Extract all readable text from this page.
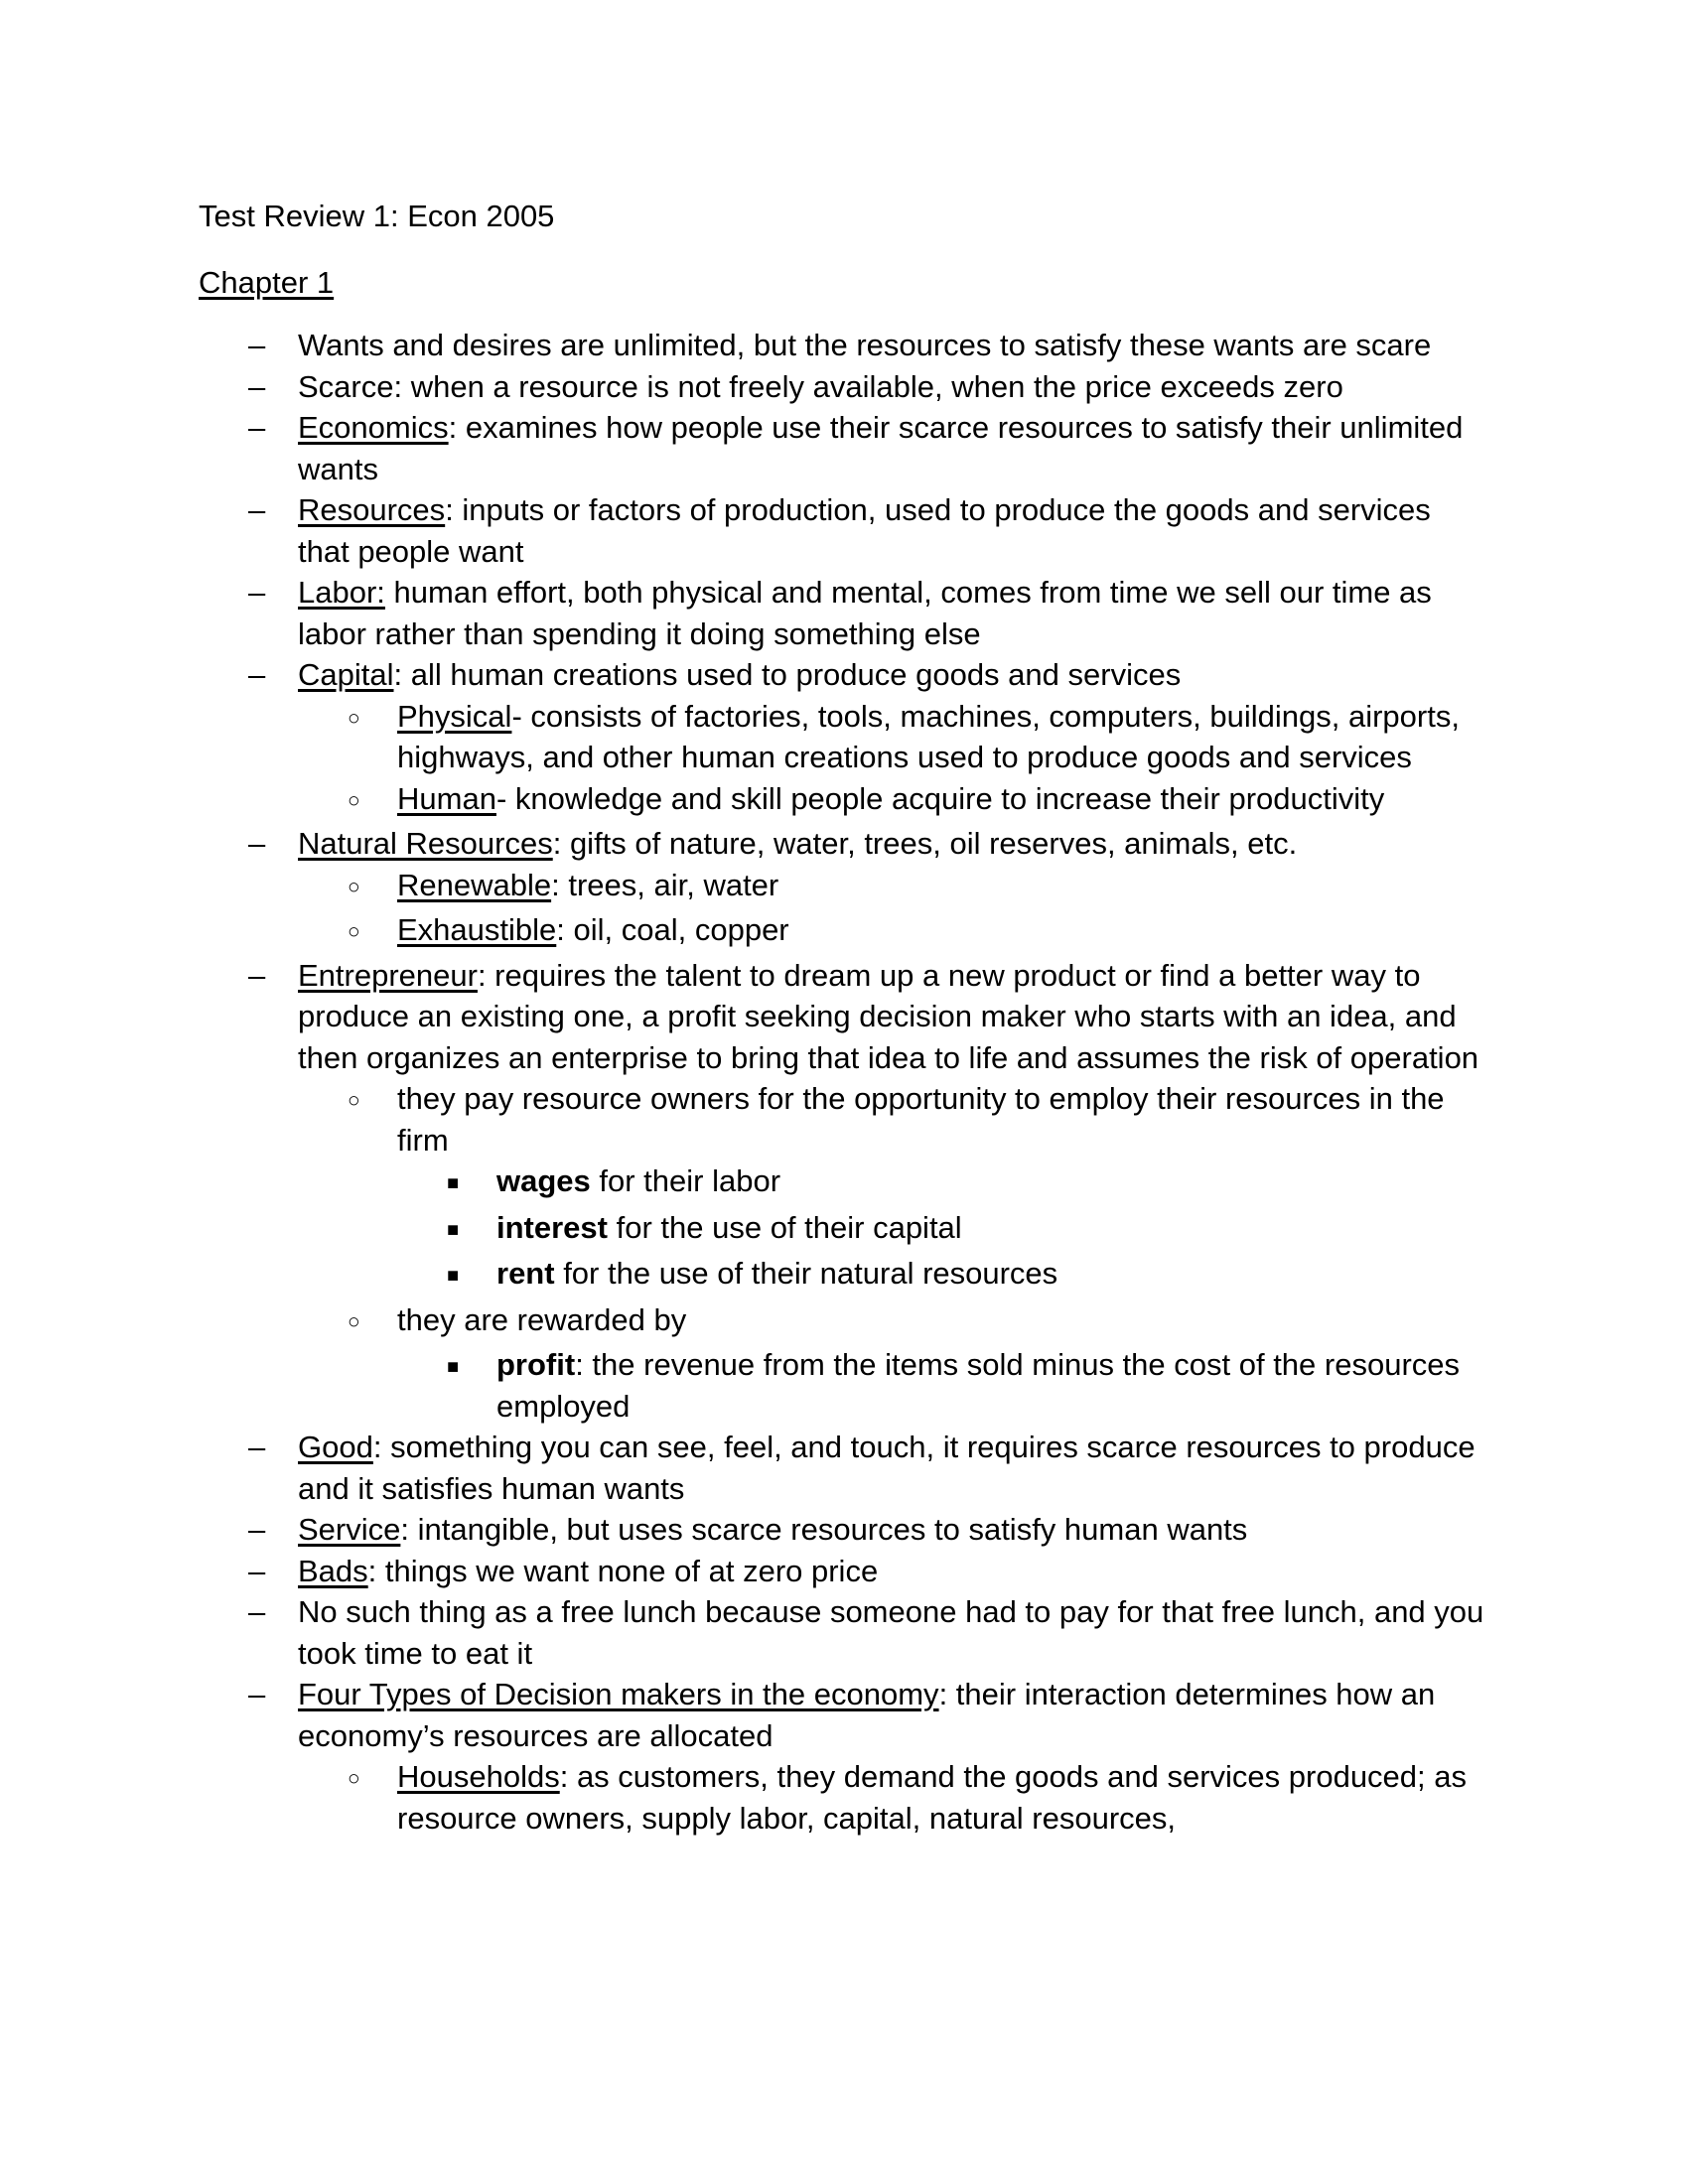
Test Review 1: Econ 2005

Chapter 1

–	Wants and desires are unlimited, but the resources to satisfy these wants are scare
–	Scarce: when a resource is not freely available, when the price exceeds zero
–	Economics: examines how people use their scarce resources to satisfy their unlimited wants
–	Resources: inputs or factors of production, used to produce the goods and services that people want
–	Labor: human effort, both physical and mental, comes from time we sell our time as labor rather than spending it doing something else
–	Capital: all human creations used to produce goods and services
○	Physical- consists of factories, tools, machines, computers, buildings, airports, highways, and other human creations used to produce goods and services
○	Human- knowledge and skill people acquire to increase their productivity
–	Natural Resources: gifts of nature, water, trees, oil reserves, animals, etc.
○	Renewable: trees, air, water
○	Exhaustible: oil, coal, copper
–	Entrepreneur: requires the talent to dream up a new product or find a better way to produce an existing one, a profit seeking decision maker who starts with an idea, and then organizes an enterprise to bring that idea to life and assumes the risk of operation
○	they pay resource owners for the opportunity to employ their resources in the firm
■	wages for their labor
■	interest for the use of their capital
■	rent for the use of their natural resources
○	they are rewarded by
■	profit: the revenue from the items sold minus the cost of the resources employed
–	Good: something you can see, feel, and touch, it requires scarce resources to produce and it satisfies human wants
–	Service: intangible, but uses scarce resources to satisfy human wants
–	Bads: things we want none of at zero price
–	No such thing as a free lunch because someone had to pay for that free lunch, and you took time to eat it
–	Four Types of Decision makers in the economy: their interaction determines how an economy’s resources are allocated
○	Households: as customers, they demand the goods and services produced; as resource owners, supply labor, capital, natural resources,
